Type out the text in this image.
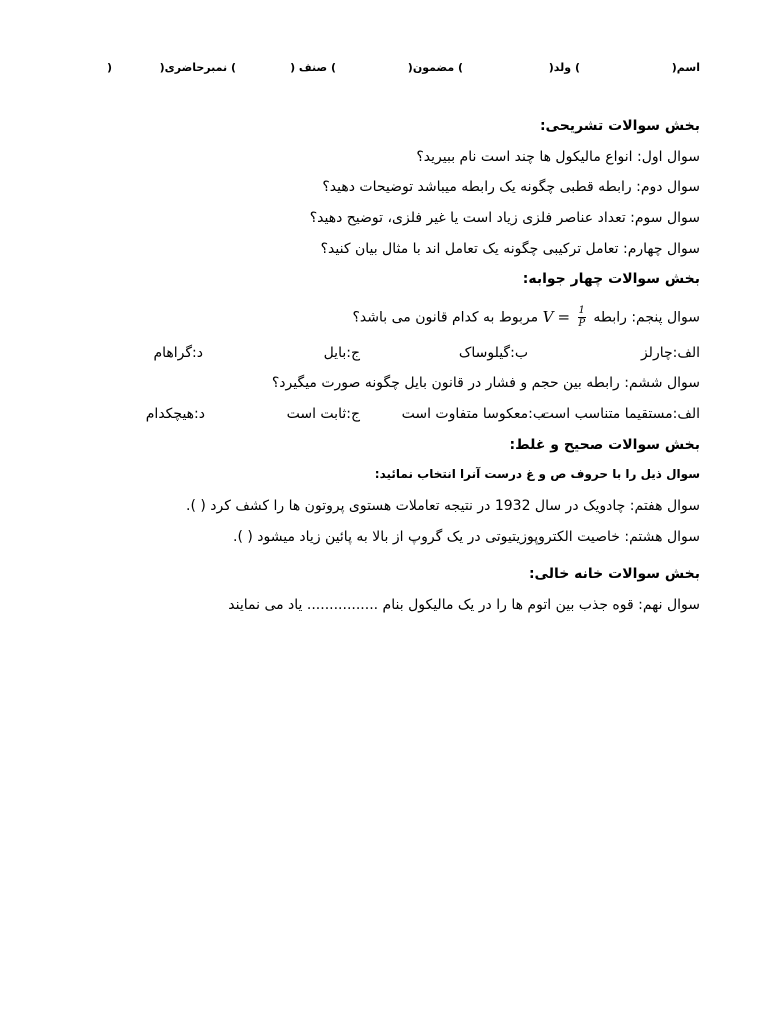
اسم(
) ولد(
) مضمون(
) صنف (
) نمبرحاضری(
)
بخش سوالات تشریحی:
سوال اول: انواع مالیکول ها چند است نام ببیرید؟
سوال دوم: رابطه قطبی چگونه یک رابطه میباشد توضیحات دهید؟
سوال سوم: تعداد عناصر فلزی زیاد است یا غیر فلزی، توضیح دهید؟
سوال چهارم: تعامل ترکیبی چگونه یک تعامل اند با مثال بیان کنید؟
بخش سوالات چهار جوابه:
سوال پنجم: رابطه
$\frac{1}{P}$
V = مربوط به کدام قانون می باشد؟
الف:چارلز
ب:گیلوساک
ج:بایل
د:گراهام
سوال ششم: رابطه بین حجم و فشار در قانون بایل چگونه صورت میگیرد؟
الف:مستقیما متناسب است
ب:معکوسا متفاوت است
ج:ثابت است
د:هیچکدام
بخش سوالات صحیح و غلط:
سوال ذیل را با حروف ص و غ درست آنرا انتخاب نمائید:
سوال هفتم: چادویک در سال 1932 در نتیجه تعاملات هستوی پروتون ها را کشف کرد ( ).
سوال هشتم: خاصیت الکتروپوزیتیوتی در یک گروپ از بالا به پائین زیاد میشود ( ).
بخش سوالات خانه خالی:
سوال نهم: قوه جذب بین اتوم ها را در یک مالیکول بنام ................ یاد می نمایند
